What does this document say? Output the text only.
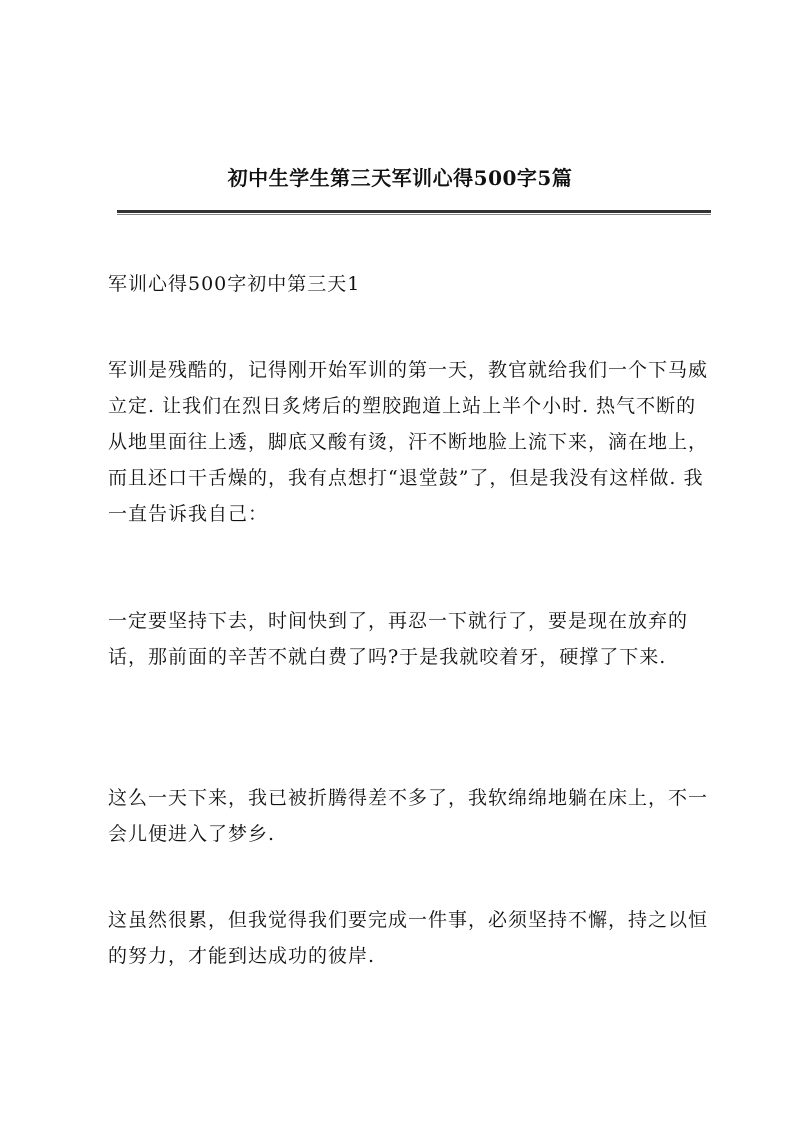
初中生学生第三天军训心得500字5篇
军训心得500字初中第三天1

军训是残酷的，记得刚开始军训的第一天，教官就给我们一个下马威立定. 让我们在烈日炙烤后的塑胶跑道上站上半个小时. 热气不断的从地里面往上透，脚底又酸有烫，汗不断地脸上流下来，滴在地上，而且还口干舌燥的，我有点想打“退堂鼓”了，但是我没有这样做. 我一直告诉我自己：

一定要坚持下去，时间快到了，再忍一下就行了，要是现在放弃的话，那前面的辛苦不就白费了吗?于是我就咬着牙，硬撑了下来.

这么一天下来，我已被折腾得差不多了，我软绵绵地躺在床上，不一会儿便进入了梦乡.

这虽然很累，但我觉得我们要完成一件事，必须坚持不懈，持之以恒的努力，才能到达成功的彼岸.
